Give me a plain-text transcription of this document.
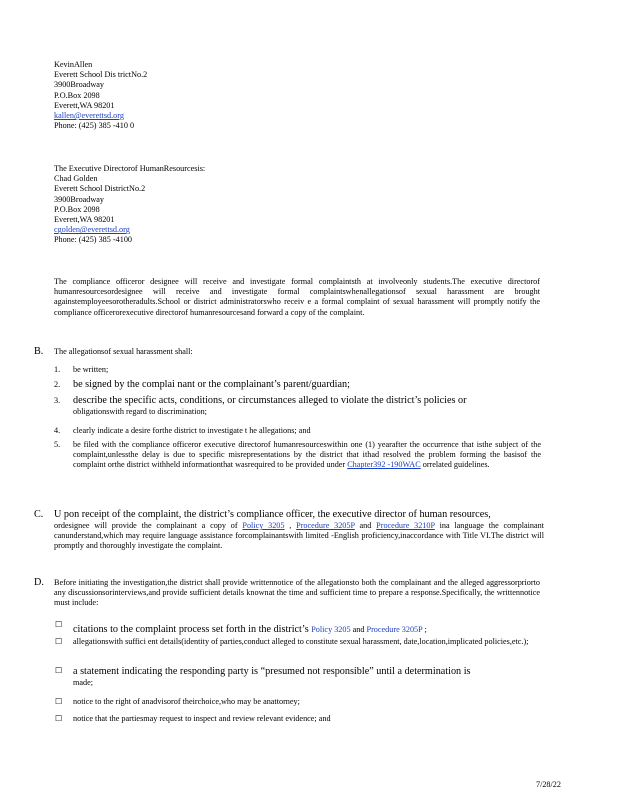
KevinAllen
Everett School Dis trictNo.2
3900Broadway
P.O.Box 2098
Everett,WA 98201
kallen@everettsd.org
Phone: (425) 385 -410 0
The Executive Directorof HumanResourcesis:
Chad Golden
Everett School DistrictNo.2
3900Broadway
P.O.Box 2098
Everett,WA 98201
cgolden@everettsd.org
Phone: (425) 385 -4100
The compliance officeror designee will receive and investigate formal complaintsth at involveonly students.The executive directorof humanresourcesordesignee will receive and investigate formal complaintswhenallegationsof sexual harassment are brought againstemployeesorotheradults.School or district administratorswho receiv e a formal complaint of sexual harassment will promptly notify the compliance officerorexecutive directorof humanresourcesand forward a copy of the complaint.
B. The allegationsof sexual harassment shall:
1. be written;
2. be signed by the complai nant or the complainant’s parent/guardian;
3. describe the specific acts, conditions, or circumstances alleged to violate the district’s policies or
obligationswith regard to discrimination;
4. clearly indicate a desire forthe district to investigate t he allegations; and
5. be filed with the compliance officeror executive directorof humanresourceswithin one (1) yearafter the occurrence that isthe subject of the complaint,unlessthe delay is due to specific misrepresentations by the district that ithad resolved the problem forming the basisof the complaint orthe district withheld informationthat wasrequired to be provided under Chapter392 -190WAC orrelated guidelines.
C. U pon receipt of the complaint, the district’s compliance officer, the executive director of human resources,
ordesignee will provide the complainant a copy of Policy 3205 , Procedure 3205P and Procedure 3210P ina language the complainant canunderstand,which may require language assistance forcomplainantswith limited -English proficiency,inaccordance with Title VI.The district will promptly and thoroughly investigate the complaint.
D. Before initiating the investigation,the district shall provide writtennotice of the allegationsto both the complainant and the alleged aggressorpriorto any discussionsorinterviews,and provide sufficient details knownat the time and sufficient time to prepare a response.Specifically, the writtennotice must include:
☐ citations to the complaint process set forth in the district’s Policy 3205 and Procedure 3205P ;
☐ allegationswith suffici ent details(identity of parties,conduct alleged to constitute sexual harassment, date,location,implicated policies,etc.);
☐ a statement indicating the responding party is “presumed not responsible” until a determination is
made;
☐ notice to the right of anadvisorof theirchoice,who may be anattorney;
☐ notice that the partiesmay request to inspect and review relevant evidence; and
7/28/22
